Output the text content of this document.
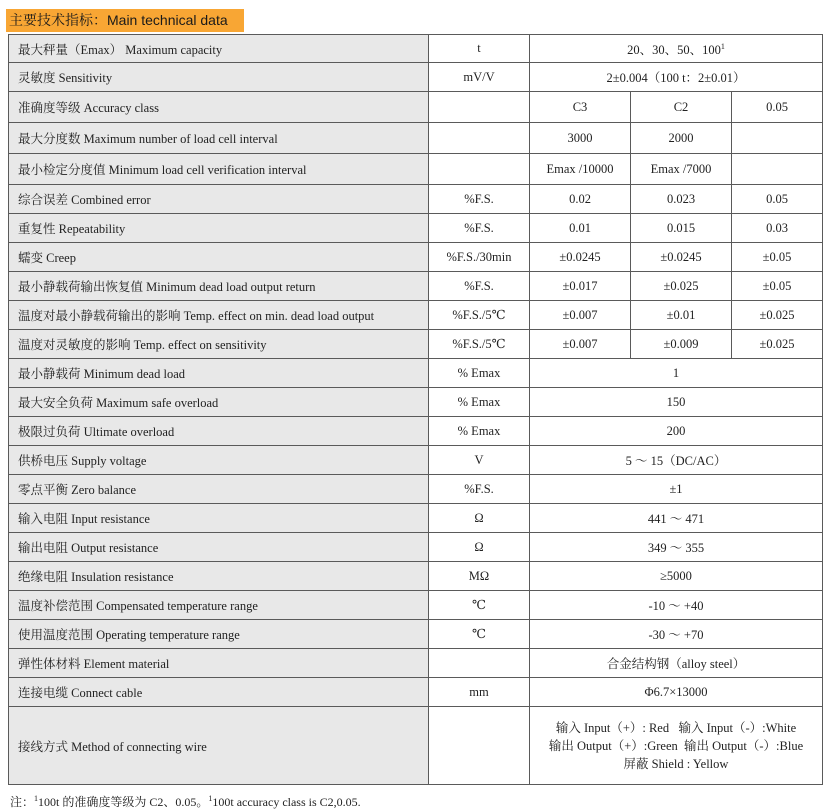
主要技术指标：Main technical data
最大秤量（Emax） Maximum capacity	t	20、30、50、$100^1$
灵敏度 Sensitivity	mV/V	2±0.004（100 t：2±0.01）		
准确度等级 Accuracy class		C3	C2	0.05
最大分度数 Maximum number of load cell interval		3000	2000	
最小检定分度值 Minimum load cell verification interval		Emax /10000	Emax /7000	
综合误差 Combined error	%F.S.	0.02	0.023	0.05
重复性 Repeatability	%F.S.	0.01	0.015	0.03
蠕变 Creep	%F.S./30min	±0.0245	±0.0245	±0.05
最小静载荷输出恢复值 Minimum dead load output return	%F.S.	±0.017	±0.025	±0.05
温度对最小静载荷输出的影响 Temp. effect on min. dead load output	%F.S./5℃	±0.007	±0.01	±0.025
温度对灵敏度的影响 Temp. effect on sensitivity	%F.S./5℃	±0.007	±0.009	±0.025
最小静载荷 Minimum dead load	% Emax	1		
最大安全负荷 Maximum safe overload	% Emax	150		
极限过负荷 Ultimate overload	% Emax	200		
供桥电压 Supply voltage	V	5 ～ 15（DC/AC）		
零点平衡 Zero balance	%F.S.	±1		
输入电阻 Input resistance	Ω	441 ～ 471		
输出电阻 Output resistance	Ω	349 ～ 355		
绝缘电阻 Insulation resistance	MΩ	≥5000		
温度补偿范围 Compensated temperature range	℃	-10 ～ +40		
使用温度范围 Operating temperature range	℃	-30 ～ +70		
弹性体材料 Element material		合金结构钢（alloy steel）		
连接电缆 Connect cable	mm	Φ6.7×13000		
接线方式 Method of connecting wire		输入 Input（+）: Red   输入 Input（-）:White
输出 Output（+）:Green  输出 Output（-）:Blue
屏蔽 Shield : Yellow		
注：$^1$100t 的准确度等级为 C2、0.05。$^1$100t accuracy class is C2,0.05.
